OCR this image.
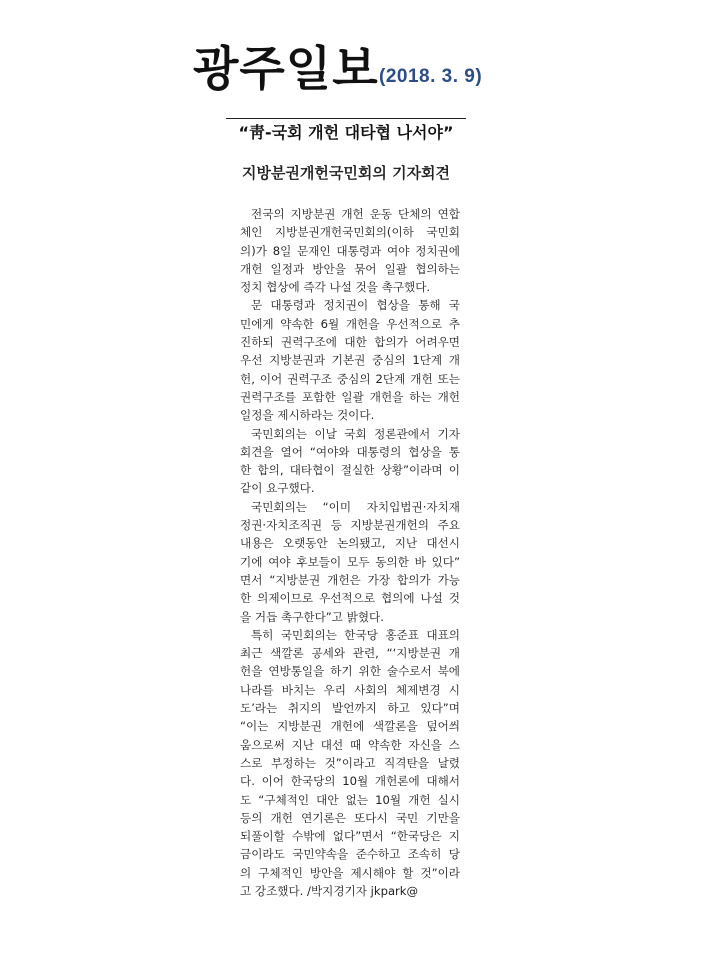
광주일보 (2018. 3. 9)
“靑-국회 개헌 대타협 나서야”
지방분권개헌국민회의 기자회견
전국의 지방분권 개헌 운동 단체의 연합
체인 지방분권개헌국민회의(이하 국민회
의)가 8일 문재인 대통령과 여야 정치권에
개헌 일정과 방안을 묶어 일괄 협의하는
정치 협상에 즉각 나설 것을 촉구했다.
문 대통령과 정치권이 협상을 통해 국
민에게 약속한 6월 개헌을 우선적으로 추
진하되 권력구조에 대한 합의가 어려우면
우선 지방분권과 기본권 중심의 1단계 개
헌, 이어 권력구조 중심의 2단계 개헌 또는
권력구조를 포함한 일괄 개헌을 하는 개헌
일정을 제시하라는 것이다.
국민회의는 이날 국회 정론관에서 기자
회견을 열어 “여야와 대통령의 협상을 통
한 합의, 대타협이 절실한 상황”이라며 이
같이 요구했다.
국민회의는 “이미 자치입법권·자치재
정권·자치조직권 등 지방분권개헌의 주요
내용은 오랫동안 논의됐고, 지난 대선시
기에 여야 후보들이 모두 동의한 바 있다”
면서 “지방분권 개헌은 가장 합의가 가능
한 의제이므로 우선적으로 협의에 나설 것
을 거듭 촉구한다”고 밝혔다.
특히 국민회의는 한국당 홍준표 대표의
최근 색깔론 공세와 관련, “‘지방분권 개
헌을 연방통일을 하기 위한 술수로서 북에
나라를 바치는 우리 사회의 체제변경 시
도’라는 취지의 발언까지 하고 있다”며
“이는 지방분권 개헌에 색깔론을 덮어씌
움으로써 지난 대선 때 약속한 자신을 스
스로 부정하는 것”이라고 직격탄을 날렸
다. 이어 한국당의 10월 개헌론에 대해서
도 “구체적인 대안 없는 10월 개헌 실시
등의 개헌 연기론은 또다시 국민 기만을
되풀이할 수밖에 없다”면서 “한국당은 지
금이라도 국민약속을 준수하고 조속히 당
의 구체적인 방안을 제시해야 할 것”이라
고 강조했다. /박지경기자 jkpark@
